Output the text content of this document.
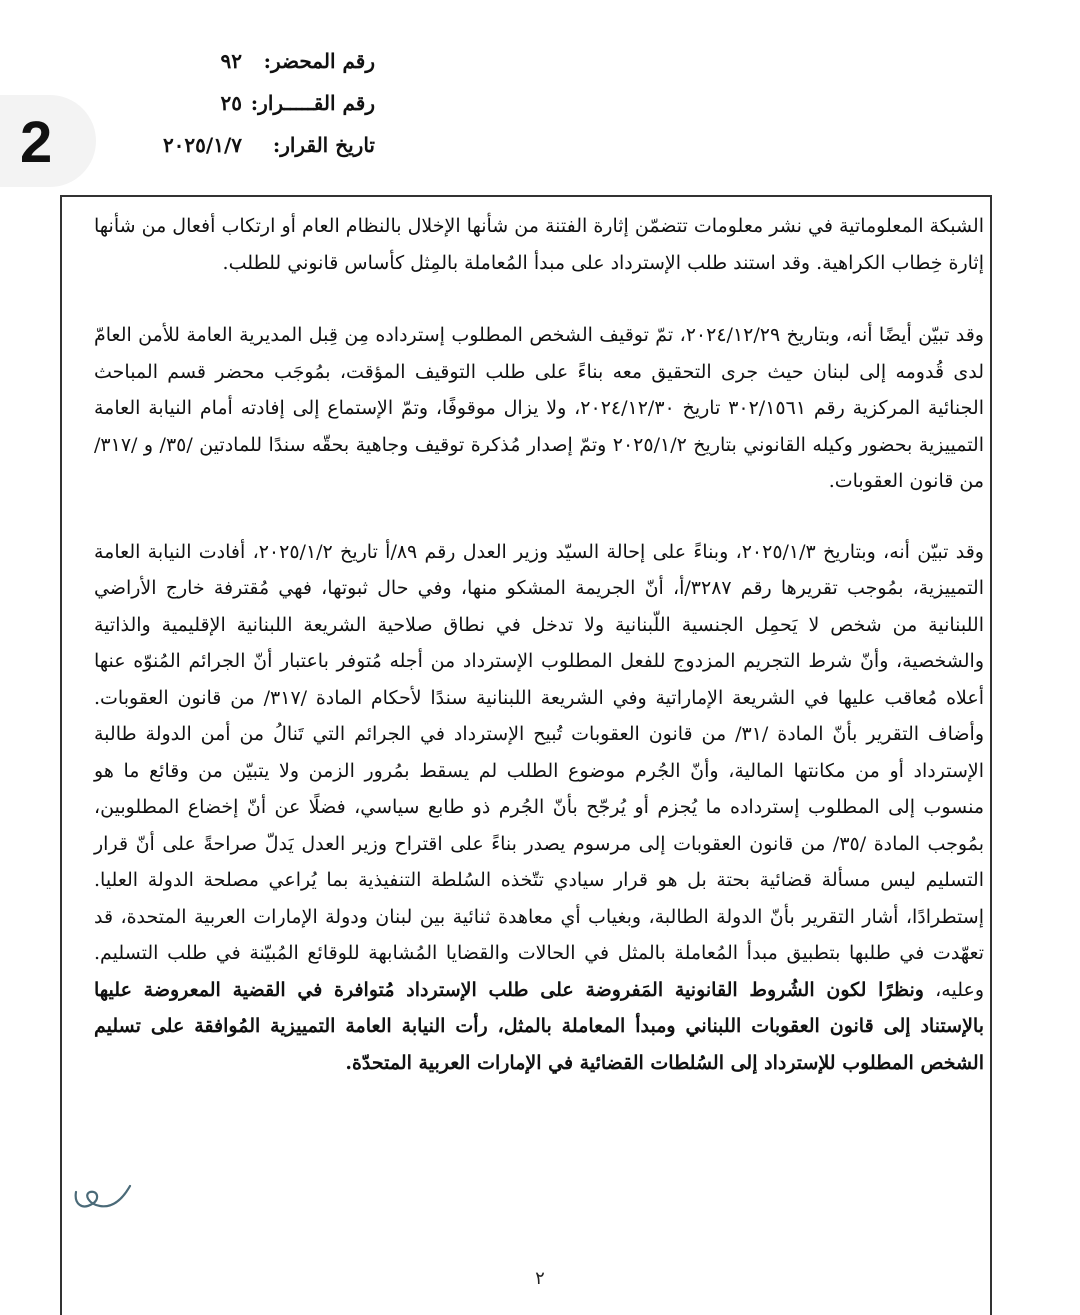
2
رقم المحضر:
٩٢
رقم القـــــرار:
٢٥
تاريخ القرار:
٢٠٢٥/١/٧

الشبكة المعلوماتية في نشر معلومات تتضمّن إثارة الفتنة من شأنها الإخلال بالنظام العام أو ارتكاب أفعال من شأنها إثارة خِطاب الكراهية. وقد استند طلب الإسترداد على مبدأ المُعاملة بالمِثل كأساس قانوني للطلب.

وقد تبيّن أيضًا أنه، وبتاريخ ٢٠٢٤/١٢/٢٩، تمّ توقيف الشخص المطلوب إسترداده مِن قِبل المديرية العامة للأمن العامّ لدى قُدومه إلى لبنان حيث جرى التحقيق معه بناءً على طلب التوقيف المؤقت، بمُوجَب محضر قسم المباحث الجنائية المركزية رقم ٣٠٢/١٥٦١ تاريخ ٢٠٢٤/١٢/٣٠، ولا يزال موقوفًا، وتمّ الإستماع إلى إفادته أمام النيابة العامة التمييزية بحضور وكيله القانوني بتاريخ ٢٠٢٥/١/٢ وتمّ إصدار مُذكرة توقيف وجاهية بحقّه سندًا للمادتين /٣٥/ و /٣١٧/ من قانون العقوبات.

وقد تبيّن أنه، وبتاريخ ٢٠٢٥/١/٣، وبناءً على إحالة السيّد وزير العدل رقم ٨٩/أ تاريخ ٢٠٢٥/١/٢، أفادت النيابة العامة التمييزية، بمُوجب تقريرها رقم ٣٢٨٧/أ، أنّ الجريمة المشكو منها، وفي حال ثبوتها، فهي مُقترفة خارج الأراضي اللبنانية من شخص لا يَحمِل الجنسية اللّبنانية ولا تدخل في نطاق صلاحية الشريعة اللبنانية الإقليمية والذاتية والشخصية، وأنّ شرط التجريم المزدوج للفعل المطلوب الإسترداد من أجله مُتوفر باعتبار أنّ الجرائم المُنوّه عنها أعلاه مُعاقب عليها في الشريعة الإماراتية وفي الشريعة اللبنانية سندًا لأحكام المادة /٣١٧/ من قانون العقوبات. وأضاف التقرير بأنّ المادة /٣١/ من قانون العقوبات تُبيح الإسترداد في الجرائم التي تَنالُ من أمن الدولة طالبة الإسترداد أو من مكانتها المالية، وأنّ الجُرم موضوع الطلب لم يسقط بمُرور الزمن ولا يتبيّن من وقائع ما هو منسوب إلى المطلوب إسترداده ما يُجزم أو يُرجّح بأنّ الجُرم ذو طابع سياسي، فضلًا عن أنّ إخضاع المطلوبين، بمُوجب المادة /٣٥/ من قانون العقوبات إلى مرسوم يصدر بناءً على اقتراح وزير العدل يَدلّ صراحةً على أنّ قرار التسليم ليس مسألة قضائية بحتة بل هو قرار سيادي تتّخذه السُلطة التنفيذية بما يُراعي مصلحة الدولة العليا. إستطرادًا، أشار التقرير بأنّ الدولة الطالبة، وبغياب أي معاهدة ثنائية بين لبنان ودولة الإمارات العربية المتحدة، قد تعهّدت في طلبها بتطبيق مبدأ المُعاملة بالمثل في الحالات والقضايا المُشابهة للوقائع المُبيّنة في طلب التسليم. وعليه، ونظرًا لكون الشُروط القانونية المَفروضة على طلب الإسترداد مُتوافرة في القضية المعروضة عليها بالإستناد إلى قانون العقوبات اللبناني ومبدأ المعاملة بالمثل، رأت النيابة العامة التمييزية المُوافقة على تسليم الشخص المطلوب للإسترداد إلى السُلطات القضائية في الإمارات العربية المتحدّة.

٢
